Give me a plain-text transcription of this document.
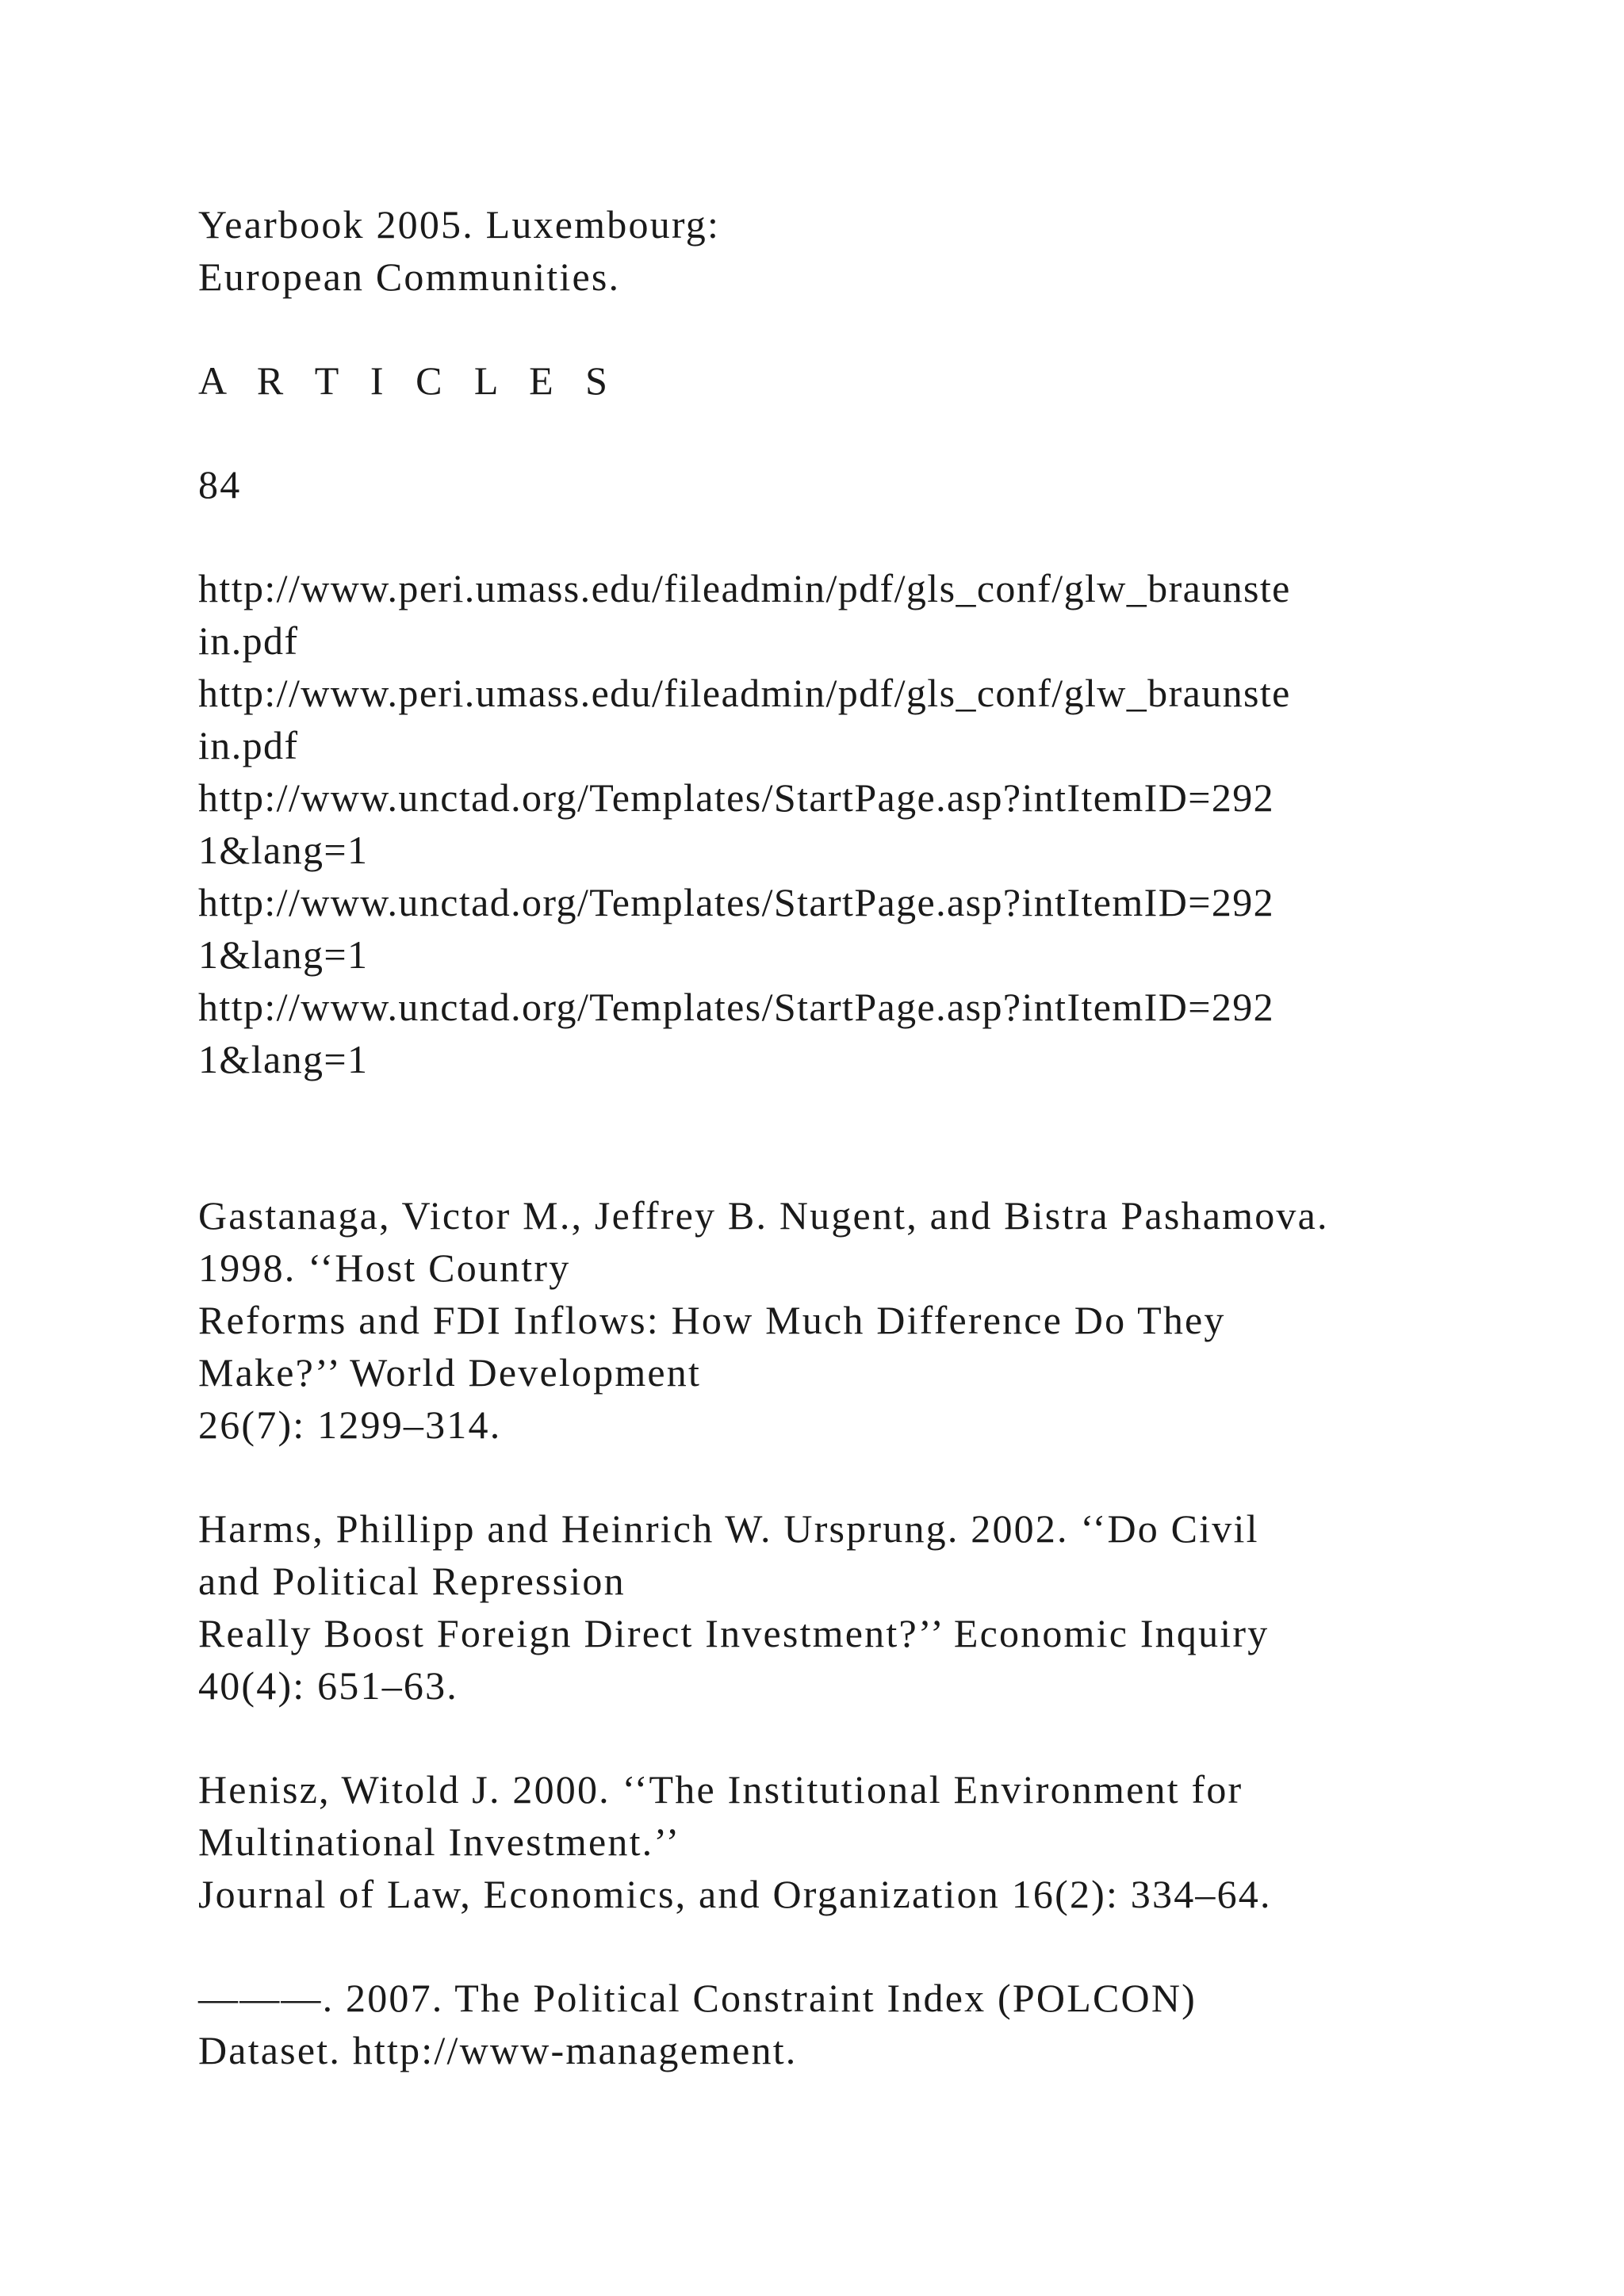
Yearbook 2005. Luxembourg:
European Communities.
A R T I C L E S
84
http://www.peri.umass.edu/fileadmin/pdf/gls_conf/glw_braunste
in.pdf
http://www.peri.umass.edu/fileadmin/pdf/gls_conf/glw_braunste
in.pdf
http://www.unctad.org/Templates/StartPage.asp?intItemID=292
1&lang=1
http://www.unctad.org/Templates/StartPage.asp?intItemID=292
1&lang=1
http://www.unctad.org/Templates/StartPage.asp?intItemID=292
1&lang=1
Gastanaga, Victor M., Jeffrey B. Nugent, and Bistra Pashamova.
1998. ‘‘Host Country
Reforms and FDI Inflows: How Much Difference Do They
Make?’’ World Development
26(7): 1299–314.
Harms, Phillipp and Heinrich W. Ursprung. 2002. ‘‘Do Civil
and Political Repression
Really Boost Foreign Direct Investment?’’ Economic Inquiry
40(4): 651–63.
Henisz, Witold J. 2000. ‘‘The Institutional Environment for
Multinational Investment.’’
Journal of Law, Economics, and Organization 16(2): 334–64.
———. 2007. The Political Constraint Index (POLCON)
Dataset. http://www-management.
